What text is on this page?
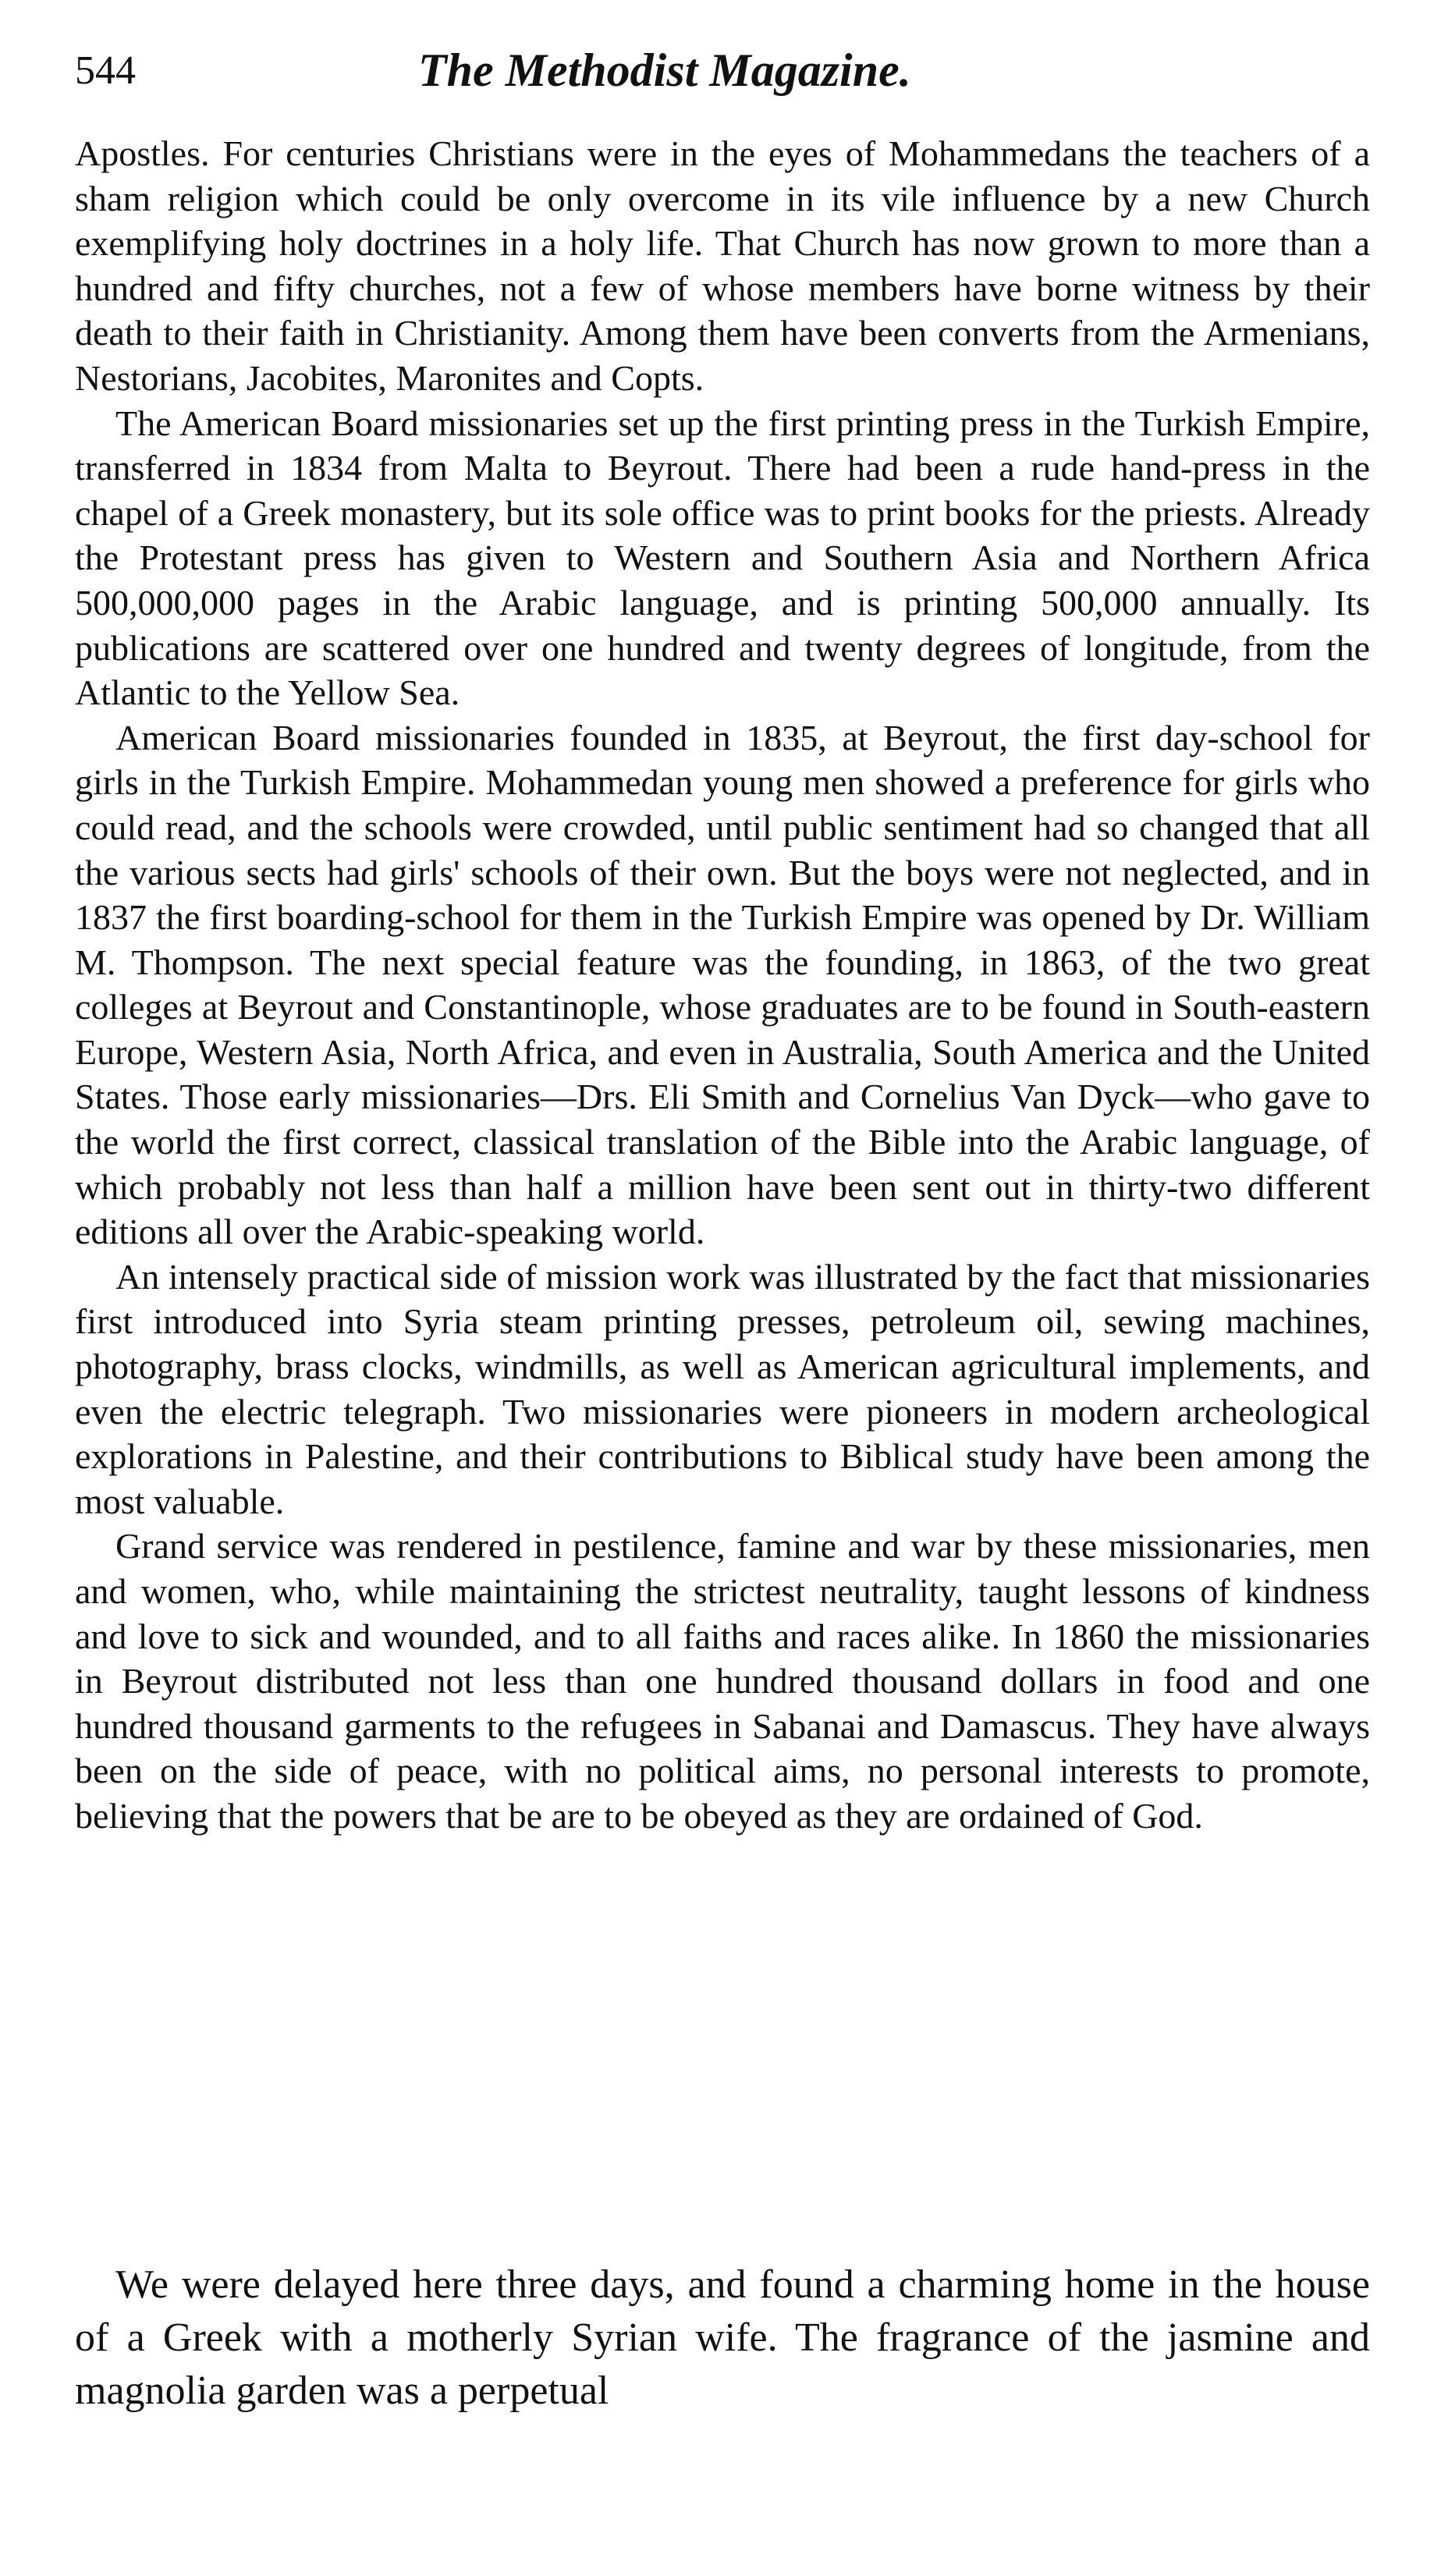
544	The Methodist Magazine.

Apostles. For centuries Christians were in the eyes of Mohammedans the teachers of a sham religion which could be only overcome in its vile influence by a new Church exemplifying holy doctrines in a holy life. That Church has now grown to more than a hundred and fifty churches, not a few of whose members have borne witness by their death to their faith in Christianity. Among them have been converts from the Armenians, Nestorians, Jacobites, Maronites and Copts.

The American Board missionaries set up the first printing press in the Turkish Empire, transferred in 1834 from Malta to Beyrout. There had been a rude hand-press in the chapel of a Greek monastery, but its sole office was to print books for the priests. Already the Protestant press has given to Western and Southern Asia and Northern Africa 500,000,000 pages in the Arabic language, and is printing 500,000 annually. Its publications are scattered over one hundred and twenty degrees of longitude, from the Atlantic to the Yellow Sea.

American Board missionaries founded in 1835, at Beyrout, the first day-school for girls in the Turkish Empire. Mohammedan young men showed a preference for girls who could read, and the schools were crowded, until public sentiment had so changed that all the various sects had girls' schools of their own. But the boys were not neglected, and in 1837 the first boarding-school for them in the Turkish Empire was opened by Dr. William M. Thompson. The next special feature was the founding, in 1863, of the two great colleges at Beyrout and Constantinople, whose graduates are to be found in South-eastern Europe, Western Asia, North Africa, and even in Australia, South America and the United States. Those early missionaries—Drs. Eli Smith and Cornelius Van Dyck—who gave to the world the first correct, classical translation of the Bible into the Arabic language, of which probably not less than half a million have been sent out in thirty-two different editions all over the Arabic-speaking world.

An intensely practical side of mission work was illustrated by the fact that missionaries first introduced into Syria steam printing presses, petroleum oil, sewing machines, photography, brass clocks, windmills, as well as American agricultural implements, and even the electric telegraph. Two missionaries were pioneers in modern archeological explorations in Palestine, and their contributions to Biblical study have been among the most valuable.

Grand service was rendered in pestilence, famine and war by these missionaries, men and women, who, while maintaining the strictest neutrality, taught lessons of kindness and love to sick and wounded, and to all faiths and races alike. In 1860 the missionaries in Beyrout distributed not less than one hundred thousand dollars in food and one hundred thousand garments to the refugees in Sabanai and Damascus. They have always been on the side of peace, with no political aims, no personal interests to promote, believing that the powers that be are to be obeyed as they are ordained of God.

We were delayed here three days, and found a charming home in the house of a Greek with a motherly Syrian wife. The fragrance of the jasmine and magnolia garden was a perpetual
